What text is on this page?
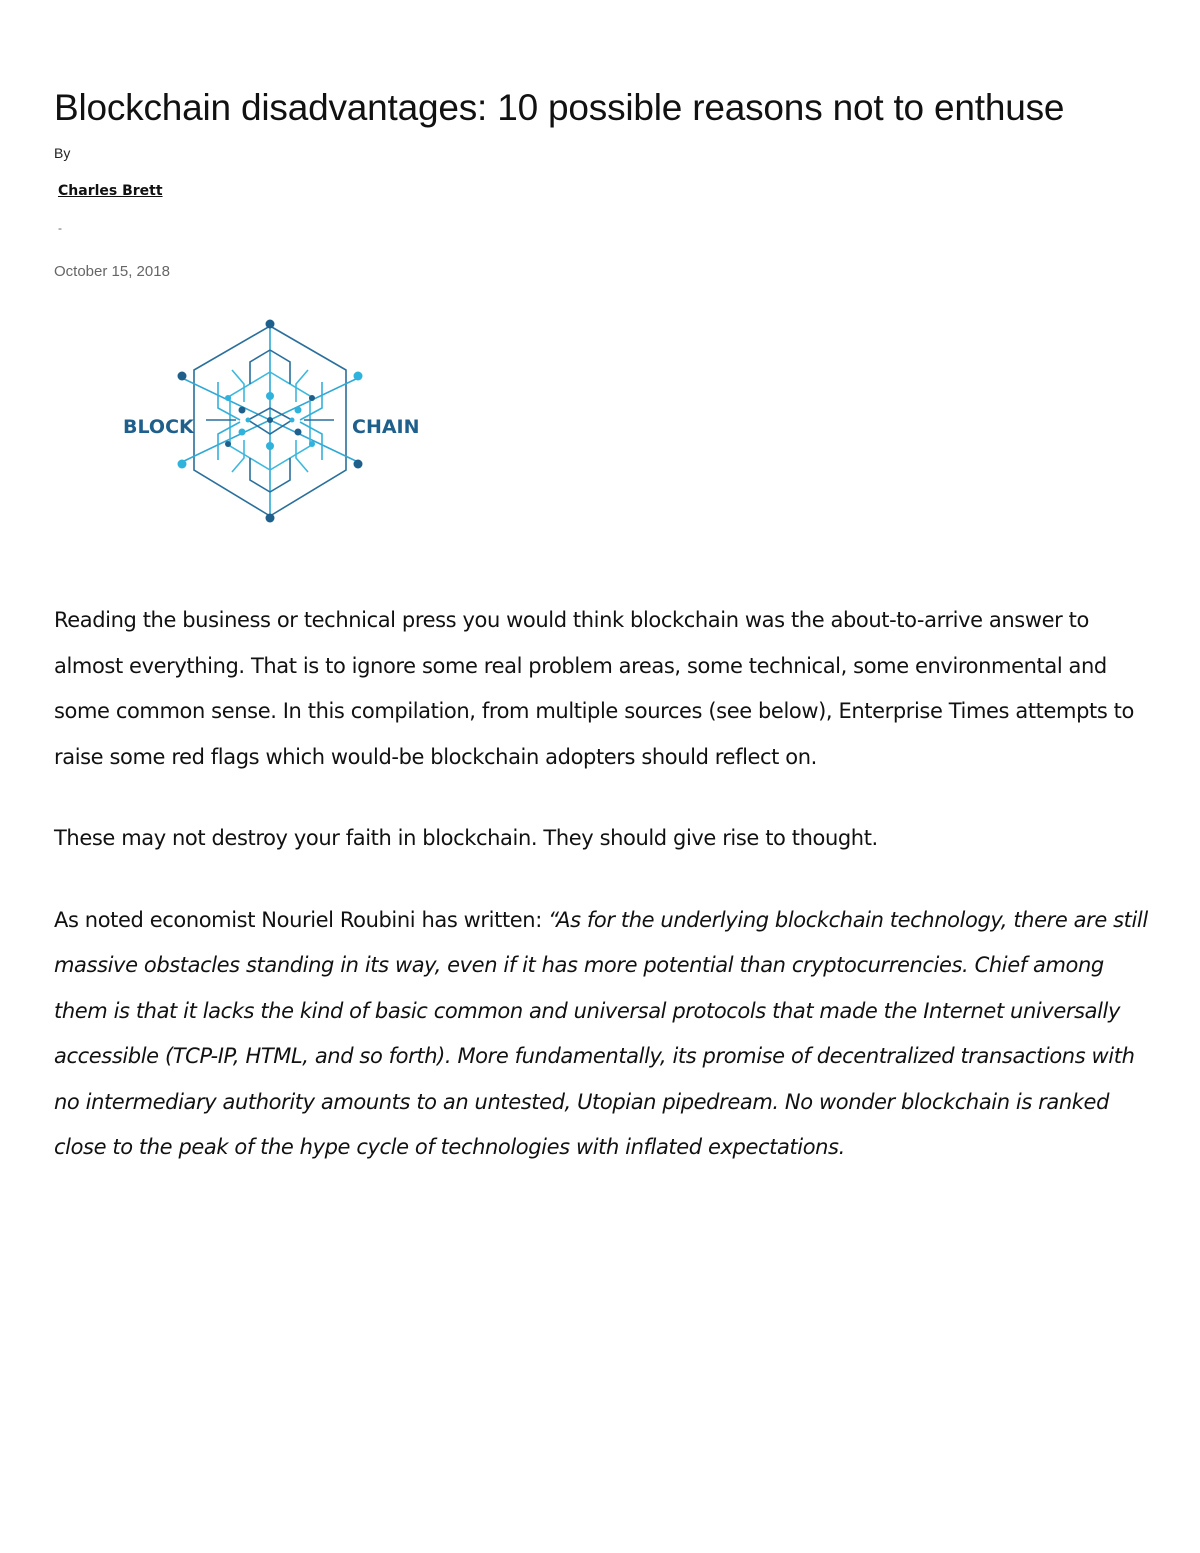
Blockchain disadvantages: 10 possible reasons not to enthuse
By
Charles Brett
-
October 15, 2018
BLOCK	CHAIN

Reading the business or technical press you would think blockchain was the about-to-arrive answer to almost everything. That is to ignore some real problem areas, some technical, some environmental and some common sense. In this compilation, from multiple sources (see below), Enterprise Times attempts to raise some red flags which would-be blockchain adopters should reflect on.

These may not destroy your faith in blockchain. They should give rise to thought.

As noted economist Nouriel Roubini has written: “As for the underlying blockchain technology, there are still massive obstacles standing in its way, even if it has more potential than cryptocurrencies. Chief among them is that it lacks the kind of basic common and universal protocols that made the Internet universally accessible (TCP-IP, HTML, and so forth). More fundamentally, its promise of decentralized transactions with no intermediary authority amounts to an untested, Utopian pipedream. No wonder blockchain is ranked close to the peak of the hype cycle of technologies with inflated expectations.
